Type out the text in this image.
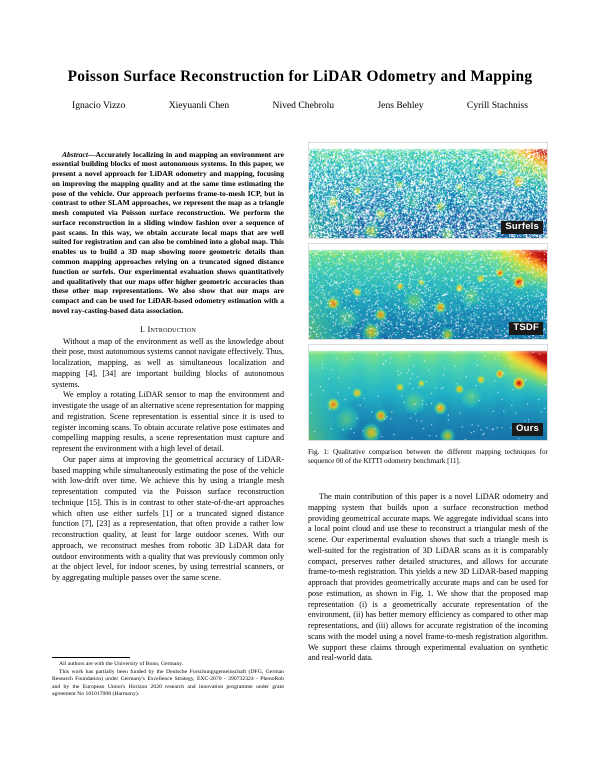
Poisson Surface Reconstruction for LiDAR Odometry and Mapping
Ignacio Vizzo	Xieyuanli Chen	Nived Chebrolu	Jens Behley	Cyrill Stachniss

Abstract—Accurately localizing in and mapping an environment are essential building blocks of most autonomous systems. In this paper, we present a novel approach for LiDAR odometry and mapping, focusing on improving the mapping quality and at the same time estimating the pose of the vehicle. Our approach performs frame-to-mesh ICP, but in contrast to other SLAM approaches, we represent the map as a triangle mesh computed via Poisson surface reconstruction. We perform the surface reconstruction in a sliding window fashion over a sequence of past scans. In this way, we obtain accurate local maps that are well suited for registration and can also be combined into a global map. This enables us to build a 3D map showing more geometric details than common mapping approaches relying on a truncated signed distance function or surfels. Our experimental evaluation shows quantitatively and qualitatively that our maps offer higher geometric accuracies than these other map representations. We also show that our maps are compact and can be used for LiDAR-based odometry estimation with a novel ray-casting-based data association.

I. Introduction

Without a map of the environment as well as the knowledge about their pose, most autonomous systems cannot navigate effectively. Thus, localization, mapping, as well as simultaneous localization and mapping [4], [34] are important building blocks of autonomous systems.

We employ a rotating LiDAR sensor to map the environment and investigate the usage of an alternative scene representation for mapping and registration. Scene representation is essential since it is used to register incoming scans. To obtain accurate relative pose estimates and compelling mapping results, a scene representation must capture and represent the environment with a high level of detail.

Our paper aims at improving the geometrical accuracy of LiDAR-based mapping while simultaneously estimating the pose of the vehicle with low-drift over time. We achieve this by using a triangle mesh representation computed via the Poisson surface reconstruction technique [15]. This is in contrast to other state-of-the-art approaches which often use either surfels [1] or a truncated signed distance function [7], [23] as a representation, that often provide a rather low reconstruction quality, at least for large outdoor scenes. With our approach, we reconstruct meshes from robotic 3D LiDAR data for outdoor environments with a quality that was previously common only at the object level, for indoor scenes, by using terrestrial scanners, or by aggregating multiple passes over the same scene.

All authors are with the University of Bonn, Germany.

This work has partially been funded by the Deutsche Forschungsgemeinschaft (DFG, German Research Foundation) under Germany's Excellence Strategy, EXC-2070 - 390732324 - PhenoRob and by the European Union's Horizon 2020 research and innovation programme under grant agreement No 101017008 (Harmony).

Surfels
TSDF
Ours
Fig. 1: Qualitative comparison between the different mapping techniques for sequence 00 of the KITTI odometry benchmark [11].

The main contribution of this paper is a novel LiDAR odometry and mapping system that builds upon a surface reconstruction method providing geometrical accurate maps. We aggregate individual scans into a local point cloud and use these to reconstruct a triangular mesh of the scene. Our experimental evaluation shows that such a triangle mesh is well-suited for the registration of 3D LiDAR scans as it is comparably compact, preserves rather detailed structures, and allows for accurate frame-to-mesh registration. This yields a new 3D LiDAR-based mapping approach that provides geometrically accurate maps and can be used for pose estimation, as shown in Fig. 1. We show that the proposed map representation (i) is a geometrically accurate representation of the environment, (ii) has better memory efficiency as compared to other map representations, and (iii) allows for accurate registration of the incoming scans with the model using a novel frame-to-mesh registration algorithm. We support these claims through experimental evaluation on synthetic and real-world data.
